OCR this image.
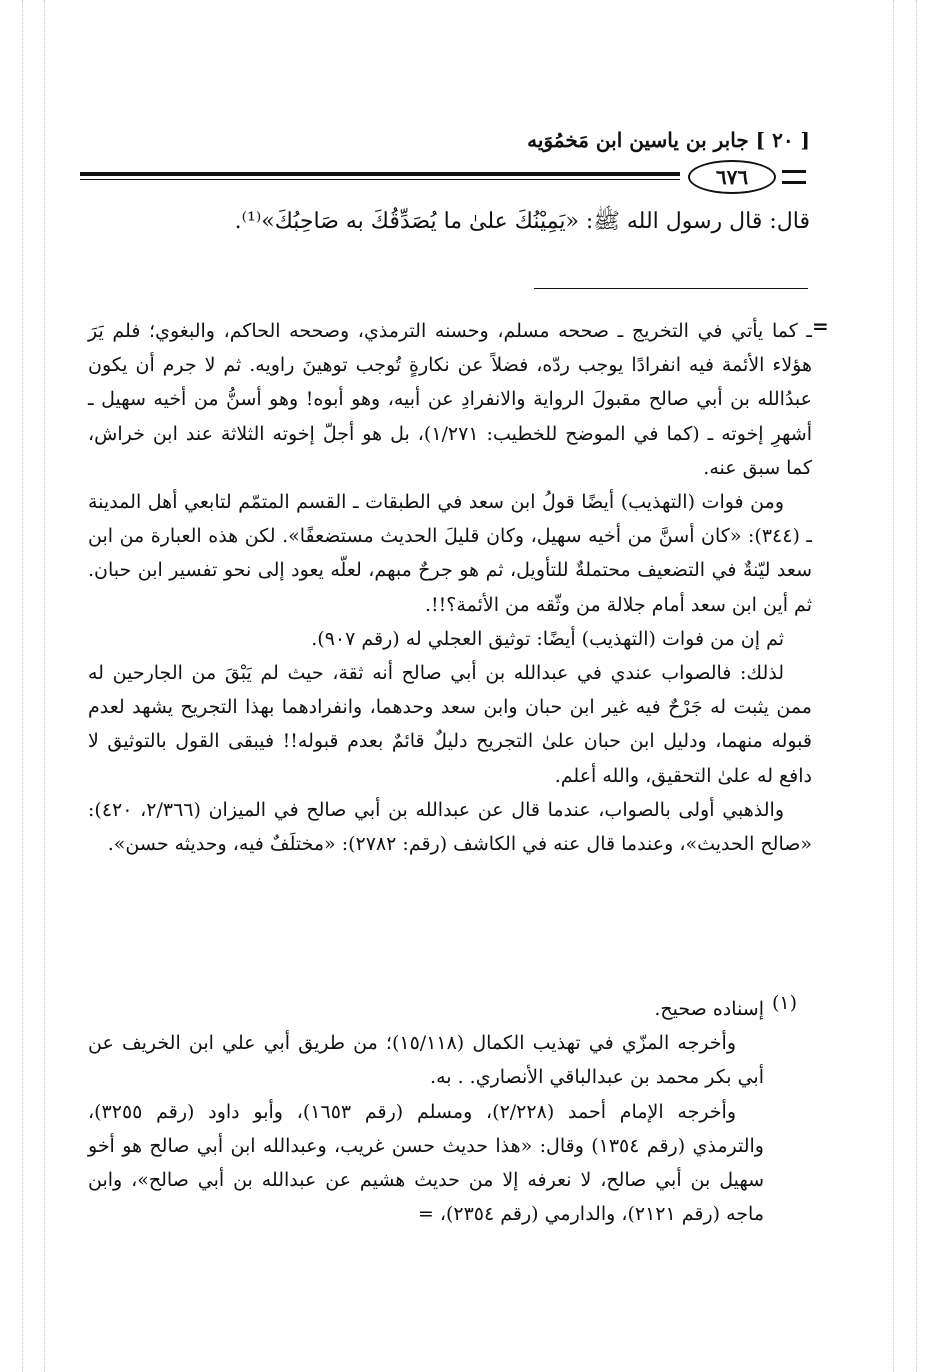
[ ٢٠ ] جابر بن ياسين ابن مَخمُوَيه
٦٧٦
قال: قال رسول الله ﷺ: «يَمِيْنُكَ علىٰ ما يُصَدِّقُكَ به صَاحِبُكَ»⁽¹⁾.
=

ـ كما يأتي في التخريج ـ صححه مسلم، وحسنه الترمذي، وصححه الحاكم، والبغوي؛ فلم يَرَ هؤلاء الأئمة فيه انفرادًا يوجب ردّه، فضلاً عن نكارةٍ تُوجب توهينَ راويه. ثم لا جرم أن يكون عبدُالله بن أبي صالح مقبولَ الرواية والانفرادِ عن أبيه، وهو أبوه! وهو أسنُّ من أخيه سهيل ـ أشهرِ إخوته ـ (كما في الموضح للخطيب: ١/٢٧١)، بل هو أجلّ إخوته الثلاثة عند ابن خراش، كما سبق عنه.

ومن فوات (التهذيب) أيضًا قولُ ابن سعد في الطبقات ـ القسم المتمّم لتابعي أهل المدينة ـ (٣٤٤): «كان أسنَّ من أخيه سهيل، وكان قليلَ الحديث مستضعفًا». لكن هذه العبارة من ابن سعد ليّنةٌ في التضعيف محتملةٌ للتأويل، ثم هو جرحٌ مبهم، لعلّه يعود إلى نحو تفسير ابن حبان. ثم أين ابن سعد أمام جلالة من وثّقه من الأئمة؟!!.

ثم إن من فوات (التهذيب) أيضًا: توثيق العجلي له (رقم ٩٠٧).

لذلك: فالصواب عندي في عبدالله بن أبي صالح أنه ثقة، حيث لم يَبْقَ من الجارحين له ممن يثبت له جَرْحٌ فيه غير ابن حبان وابن سعد وحدهما، وانفرادهما بهذا التجريح يشهد لعدم قبوله منهما، ودليل ابن حبان علىٰ التجريح دليلٌ قائمٌ بعدم قبوله!! فيبقى القول بالتوثيق لا دافع له علىٰ التحقيق، والله أعلم.

والذهبي أولى بالصواب، عندما قال عن عبدالله بن أبي صالح في الميزان (٢/٣٦٦، ٤٢٠): «صالح الحديث»، وعندما قال عنه في الكاشف (رقم: ٢٧٨٢): «مختلَفٌ فيه، وحديثه حسن».

(١)

إسناده صحيح.

وأخرجه المزّي في تهذيب الكمال (١٥/١١٨)؛ من طريق أبي علي ابن الخريف عن أبي بكر محمد بن عبدالباقي الأنصاري. . به.

وأخرجه الإمام أحمد (٢/٢٢٨)، ومسلم (رقم ١٦٥٣)، وأبو داود (رقم ٣٢٥٥)، والترمذي (رقم ١٣٥٤) وقال: «هذا حديث حسن غريب، وعبدالله ابن أبي صالح هو أخو سهيل بن أبي صالح، لا نعرفه إلا من حديث هشيم عن عبدالله بن أبي صالح»، وابن ماجه (رقم ٢١٢١)، والدارمي (رقم ٢٣٥٤)، =
